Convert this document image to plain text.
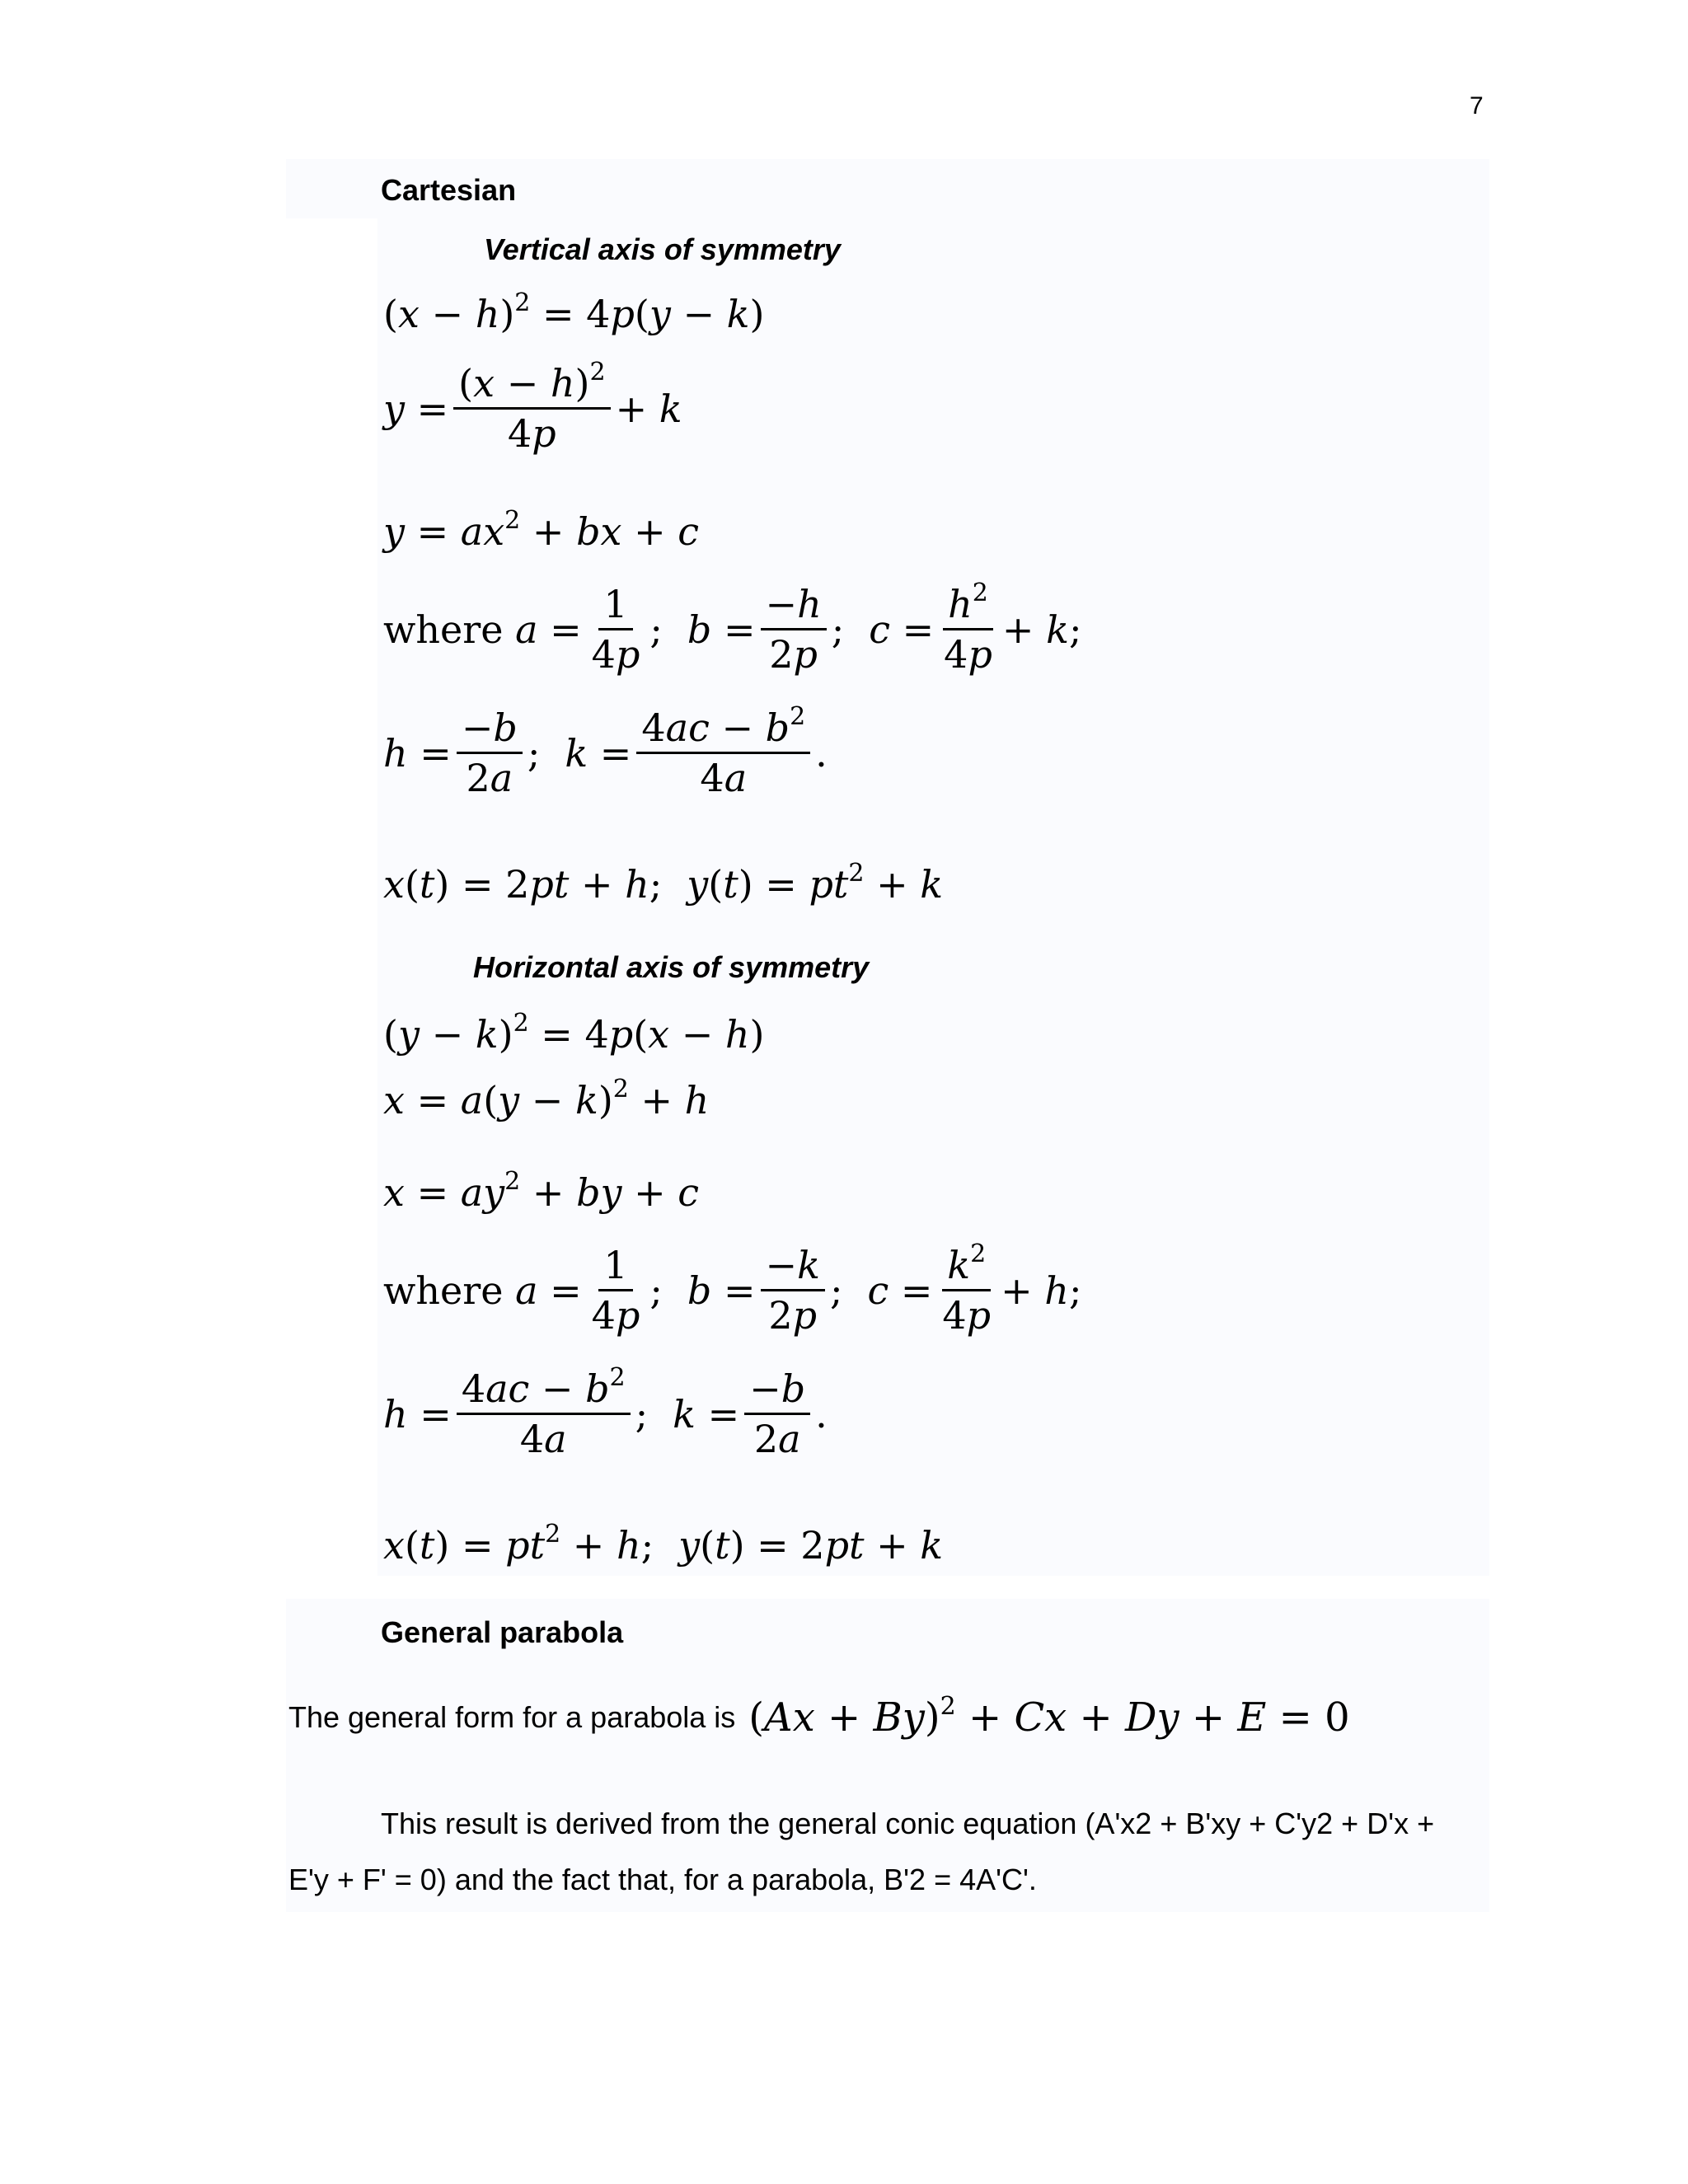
7
Cartesian
Vertical axis of symmetry
$(x - h)^2 = 4p(y - k)$
$y = \frac{(x - h)^2}{4p} + k$
$y = ax^2$ + bx + c
where $a = \frac{1}{4p}$ ; $b = \frac{-h}{2p}$ ; $c = \frac{h^2}{4p} + k$;
$h = \frac{-b}{2a}$ ; $k = \frac{4ac - b^2}{4a}$ .
x(t) = 2pt + h; $y(t) = pt^2 + k$
Horizontal axis of symmetry
$(y - k)^2 = 4p(x - h)$
$x = a(y - k)^2 + h$
$x = ay^2$ + by + c
where $a = \frac{1}{4p}$ ; $b = \frac{-k}{2p}$ ; $c = \frac{k^2}{4p} + h$;
$h = \frac{4ac - b^2}{4a}$ ; $k = \frac{-b}{2a}$ .
$x(t) = pt^2 + h$; y(t) = 2pt + k
General parabola
The general form for a parabola is $(Ax + By)^2 + Cx + Dy + E = 0$
This result is derived from the general conic equation (A'x2 + B'xy + C'y2 + D'x +
E'y + F' = 0) and the fact that, for a parabola, B'2 = 4A'C'.
